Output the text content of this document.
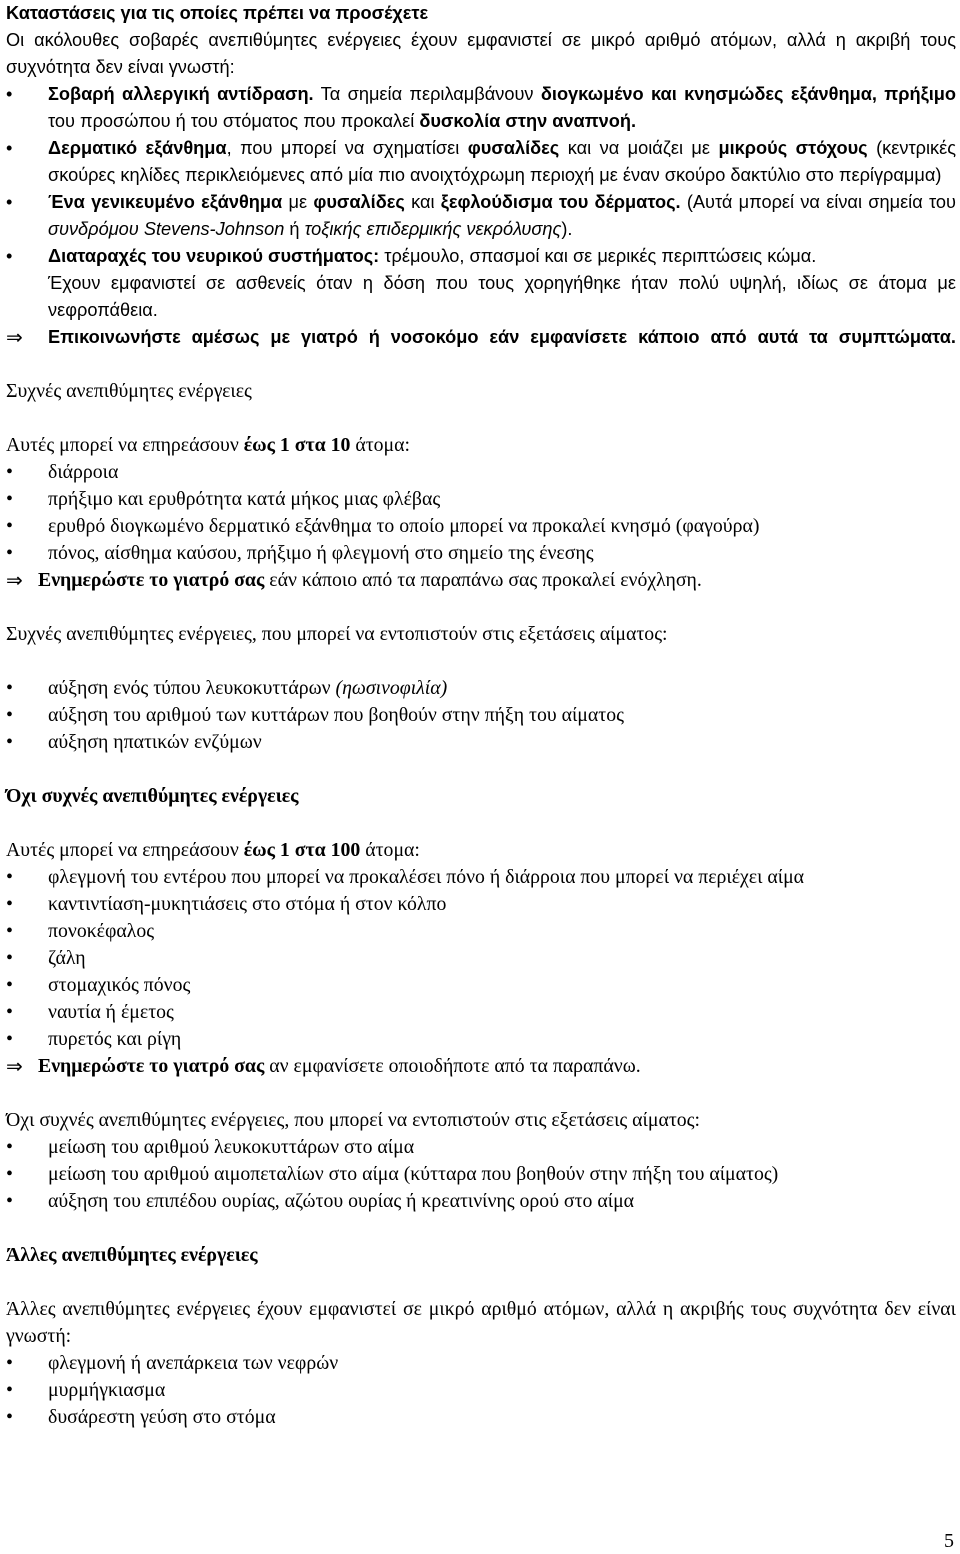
Καταστάσεις για τις οποίες πρέπει να προσέχετε

Οι ακόλουθες σοβαρές ανεπιθύμητες ενέργειες έχουν εμφανιστεί σε μικρό αριθμό ατόμων, αλλά η ακριβή τους συχνότητα δεν είναι γνωστή:

• Σοβαρή αλλεργική αντίδραση. Τα σημεία περιλαμβάνουν διογκωμένο και κνησμώδες εξάνθημα, πρήξιμο του προσώπου ή του στόματος που προκαλεί δυσκολία στην αναπνοή.
• Δερματικό εξάνθημα, που μπορεί να σχηματίσει φυσαλίδες και να μοιάζει με μικρούς στόχους (κεντρικές σκούρες κηλίδες περικλειόμενες από μία πιο ανοιχτόχρωμη περιοχή με έναν σκούρο δακτύλιο στο περίγραμμα)
• Ένα γενικευμένο εξάνθημα με φυσαλίδες και ξεφλούδισμα του δέρματος. (Αυτά μπορεί να είναι σημεία του συνδρόμου Stevens-Johnson ή τοξικής επιδερμικής νεκρόλυσης).
• Διαταραχές του νευρικού συστήματος: τρέμουλο, σπασμοί και σε μερικές περιπτώσεις κώμα.
Έχουν εμφανιστεί σε ασθενείς όταν η δόση που τους χορηγήθηκε ήταν πολύ υψηλή, ιδίως σε άτομα με νεφροπάθεια.
⇒ Επικοινωνήστε αμέσως με γιατρό ή νοσοκόμο εάν εμφανίσετε κάποιο από αυτά τα συμπτώματα.

Συχνές ανεπιθύμητες ενέργειες

Αυτές μπορεί να επηρεάσουν έως 1 στα 10 άτομα:

• διάρροια
• πρήξιμο και ερυθρότητα κατά μήκος μιας φλέβας
• ερυθρό διογκωμένο δερματικό εξάνθημα το οποίο μπορεί να προκαλεί κνησμό (φαγούρα)
• πόνος, αίσθημα καύσου, πρήξιμο ή φλεγμονή στο σημείο της ένεσης
⇒ Ενημερώστε το γιατρό σας εάν κάποιο από τα παραπάνω σας προκαλεί ενόχληση.

Συχνές ανεπιθύμητες ενέργειες, που μπορεί να εντοπιστούν στις εξετάσεις αίματος:

• αύξηση ενός τύπου λευκοκυττάρων (ηωσινοφιλία)
• αύξηση του αριθμού των κυττάρων που βοηθούν στην πήξη του αίματος
• αύξηση ηπατικών ενζύμων

Όχι συχνές ανεπιθύμητες ενέργειες

Αυτές μπορεί να επηρεάσουν έως 1 στα 100 άτομα:

• φλεγμονή του εντέρου που μπορεί να προκαλέσει πόνο ή διάρροια που μπορεί να περιέχει αίμα
• καντιντίαση-μυκητιάσεις στο στόμα ή στον κόλπο
• πονοκέφαλος
• ζάλη
• στομαχικός πόνος
• ναυτία ή έμετος
• πυρετός και ρίγη
⇒ Ενημερώστε το γιατρό σας αν εμφανίσετε οποιοδήποτε από τα παραπάνω.

Όχι συχνές ανεπιθύμητες ενέργειες, που μπορεί να εντοπιστούν στις εξετάσεις αίματος:

• μείωση του αριθμού λευκοκυττάρων στο αίμα
• μείωση του αριθμού αιμοπεταλίων στο αίμα (κύτταρα που βοηθούν στην πήξη του αίματος)
• αύξηση του επιπέδου ουρίας, αζώτου ουρίας ή κρεατινίνης ορού στο αίμα

Άλλες ανεπιθύμητες ενέργειες

Άλλες ανεπιθύμητες ενέργειες έχουν εμφανιστεί σε μικρό αριθμό ατόμων, αλλά η ακριβής τους συχνότητα δεν είναι γνωστή:

• φλεγμονή ή ανεπάρκεια των νεφρών
• μυρμήγκιασμα
• δυσάρεστη γεύση στο στόμα
5
